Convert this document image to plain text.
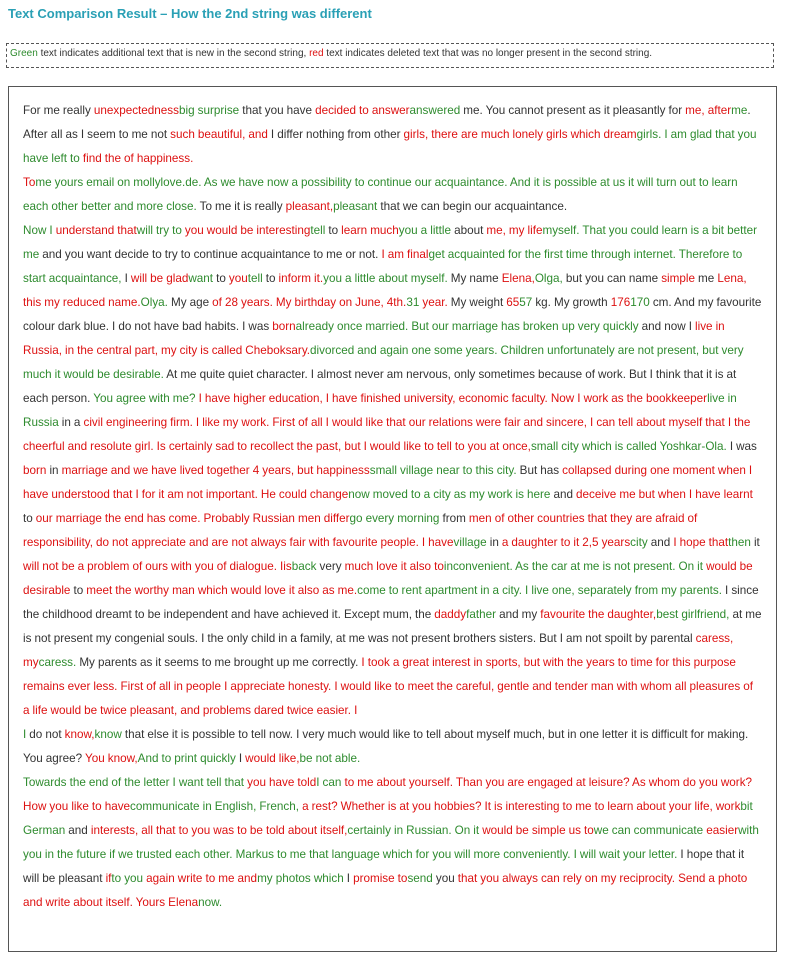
Text Comparison Result – How the 2nd string was different
Green text indicates additional text that is new in the second string, red text indicates deleted text that was no longer present in the second string.

For me really unexpectednessbig surprise that you have decided to answeranswered me. You cannot present as it pleasantly for me, afterme. After all as I seem to me not such beautiful, and I differ nothing from other girls, there are much lonely girls which dreamgirls. I am glad that you have left to find the of happiness.

Tome yours email on mollylove.de. As we have now a possibility to continue our acquaintance. And it is possible at us it will turn out to learn each other better and more close. To me it is really pleasant,pleasant that we can begin our acquaintance.

Now I understand thatwill try to you would be interestingtell to learn muchyou a little about me, my lifemyself. That you could learn is a bit better me and you want decide to try to continue acquaintance to me or not. I am finalget acquainted for the first time through internet. Therefore to start acquaintance, I will be gladwant to youtell to inform it.you a little about myself. My name Elena,Olga, but you can name simple me Lena, this my reduced name.Olya. My age of 28 years. My birthday on June, 4th.31 year. My weight 6557 kg. My growth 176170 cm. And my favourite colour dark blue. I do not have bad habits. I was bornalready once married. But our marriage has broken up very quickly and now I live in Russia, in the central part, my city is called Cheboksary.divorced and again one some years. Children unfortunately are not present, but very much it would be desirable. At me quite quiet character. I almost never am nervous, only sometimes because of work. But I think that it is at each person. You agree with me? I have higher education, I have finished university, economic faculty. Now I work as the bookkeeperlive in Russia in a civil engineering firm. I like my work. First of all I would like that our relations were fair and sincere, I can tell about myself that I the cheerful and resolute girl. Is certainly sad to recollect the past, but I would like to tell to you at once,small city which is called Yoshkar-Ola. I was born in marriage and we have lived together 4 years, but happinesssmall village near to this city. But has collapsed during one moment when I have understood that I for it am not important. He could changenow moved to a city as my work is here and deceive me but when I have learnt to our marriage the end has come. Probably Russian men differgo every morning from men of other countries that they are afraid of responsibility, do not appreciate and are not always fair with favourite people. I havevillage in a daughter to it 2,5 yearscity and I hope thatthen it will not be a problem of ours with you of dialogue. Iisback very much love it also toinconvenient. As the car at me is not present. On it would be desirable to meet the worthy man which would love it also as me.come to rent apartment in a city. I live one, separately from my parents. I since the childhood dreamt to be independent and have achieved it. Except mum, the daddyfather and my favourite the daughter,best girlfriend, at me is not present my congenial souls. I the only child in a family, at me was not present brothers sisters. But I am not spoilt by parental caress, mycaress. My parents as it seems to me brought up me correctly. I took a great interest in sports, but with the years to time for this purpose remains ever less. First of all in people I appreciate honesty. I would like to meet the careful, gentle and tender man with whom all pleasures of a life would be twice pleasant, and problems dared twice easier. I

I do not know,know that else it is possible to tell now. I very much would like to tell about myself much, but in one letter it is difficult for making. You agree? You know,And to print quickly I would like,be not able.

Towards the end of the letter I want tell that you have toldI can to me about yourself. Than you are engaged at leisure? As whom do you work? How you like to havecommunicate in English, French, a rest? Whether is at you hobbies? It is interesting to me to learn about your life, workbit German and interests, all that to you was to be told about itself,certainly in Russian. On it would be simple us towe can communicate easierwith you in the future if we trusted each other. Markus to me that language which for you will more conveniently. I will wait your letter. I hope that it will be pleasant ifto you again write to me andmy photos which I promise tosend you that you always can rely on my reciprocity. Send a photo and write about itself. Yours Elenanow.
